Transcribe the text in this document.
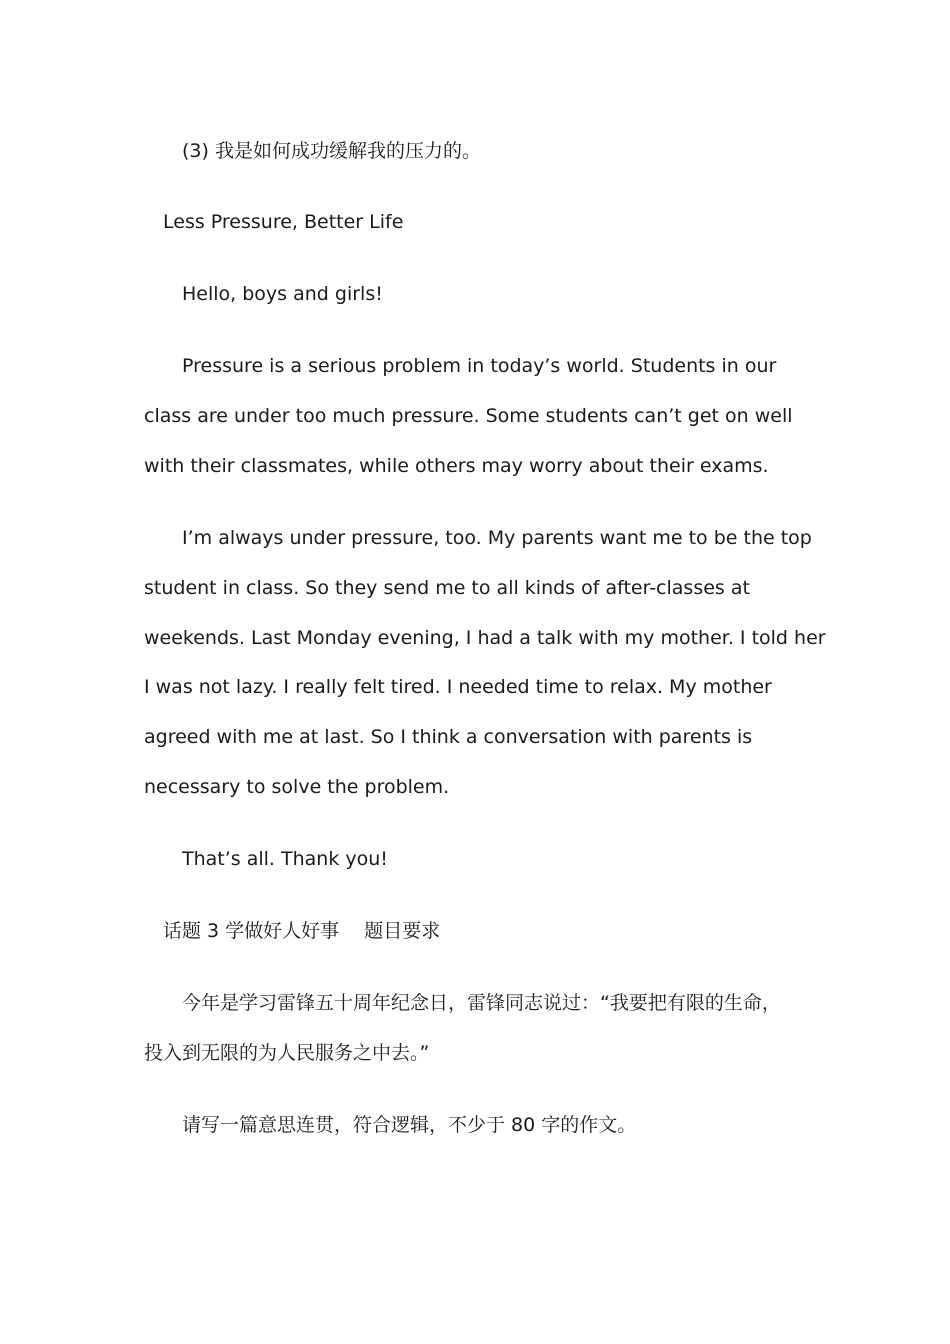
(3) 我是如何成功缓解我的压力的。
Less Pressure, Better Life
Hello, boys and girls!
Pressure is a serious problem in today’s world. Students in our
class are under too much pressure. Some students can’t get on well
with their classmates, while others may worry about their exams.
I’m always under pressure, too. My parents want me to be the top
student in class. So they send me to all kinds of after-classes at
weekends. Last Monday evening, I had a talk with my mother. I told her
I was not lazy. I really felt tired. I needed time to relax. My mother
agreed with me at last. So I think a conversation with parents is
necessary to solve the problem.
That’s all. Thank you!
话题 3 学做好人好事　 题目要求
今年是学习雷锋五十周年纪念日，雷锋同志说过：“我要把有限的生命，
投入到无限的为人民服务之中去。”
请写一篇意思连贯，符合逻辑，不少于 80 字的作文。
